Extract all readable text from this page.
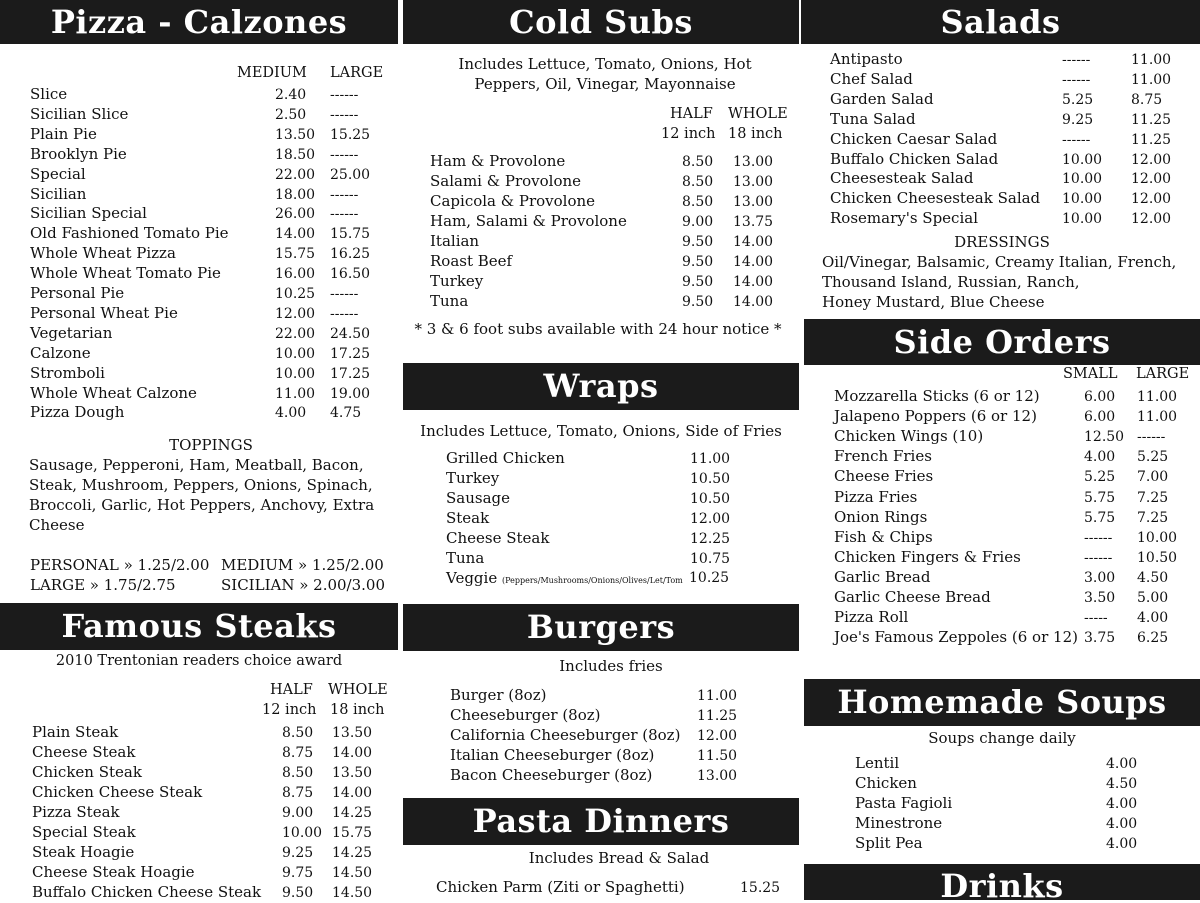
Pizza - Calzones
MEDIUM LARGE
Slice	2.40 ------
Sicilian Slice	2.50 ------
Plain Pie	13.50 15.25
Brooklyn Pie	18.50 ------
Special	22.00 25.00
Sicilian	18.00 ------
Sicilian Special	26.00 ------
Old Fashioned Tomato Pie	14.00 15.75
Whole Wheat Pizza	15.75 16.25
Whole Wheat Tomato Pie	16.00 16.50
Personal Pie	10.25 ------
Personal Wheat Pie	12.00 ------
Vegetarian	22.00 24.50
Calzone	10.00 17.25
Stromboli	10.00 17.25
Whole Wheat Calzone	11.00 19.00
Pizza Dough	4.00 4.75
TOPPINGS
Sausage, Pepperoni, Ham, Meatball, Bacon,
Steak, Mushroom, Peppers, Onions, Spinach,
Broccoli, Garlic, Hot Peppers, Anchovy, Extra
Cheese
PERSONAL » 1.25/2.00 MEDIUM » 1.25/2.00
LARGE » 1.75/2.75	SICILIAN » 2.00/3.00
Famous Steaks
2010 Trentonian readers choice award
HALF WHOLE
12 inch 18 inch
Plain Steak	8.50 13.50
Cheese Steak	8.75 14.00
Chicken Steak	8.50 13.50
Chicken Cheese Steak	8.75 14.00
Pizza Steak	9.00 14.25
Special Steak	10.00 15.75
Steak Hoagie	9.25 14.25
Cheese Steak Hoagie	9.75 14.50
Buffalo Chicken Cheese Steak 9.50 14.50
Cold Subs
Includes Lettuce, Tomato, Onions, Hot
Peppers, Oil, Vinegar, Mayonnaise
HALF WHOLE
12 inch 18 inch
Ham & Provolone	8.50 13.00
Salami & Provolone	8.50 13.00
Capicola & Provolone	8.50 13.00
Ham, Salami & Provolone	9.00 13.75
Italian	9.50 14.00
Roast Beef	9.50 14.00
Turkey	9.50 14.00
Tuna	9.50 14.00
* 3 & 6 foot subs available with 24 hour notice *
Wraps
Includes Lettuce, Tomato, Onions, Side of Fries
Grilled Chicken	11.00
Turkey	10.50
Sausage	10.50
Steak	12.00
Cheese Steak	12.25
Tuna	10.75
Veggie (Peppers/Mushrooms/Onions/Olives/Let/Tom 10.25
Burgers
Includes fries
Burger (8oz)	11.00
Cheeseburger (8oz)	11.25
California Cheeseburger (8oz) 12.00
Italian Cheeseburger (8oz)	11.50
Bacon Cheeseburger (8oz)	13.00
Pasta Dinners
Includes Bread & Salad
Chicken Parm (Ziti or Spaghetti)	15.25
Salads
Antipasto	------	11.00
Chef Salad	------	11.00
Garden Salad	5.25	8.75
Tuna Salad	9.25	11.25
Chicken Caesar Salad	------	11.25
Buffalo Chicken Salad	10.00 12.00
Cheesesteak Salad	10.00 12.00
Chicken Cheesesteak Salad 10.00 12.00
Rosemary's Special	10.00 12.00
DRESSINGS
Oil/Vinegar, Balsamic, Creamy Italian, French,
Thousand Island, Russian, Ranch,
Honey Mustard, Blue Cheese
Side Orders
SMALL LARGE
Mozzarella Sticks (6 or 12)	6.00 11.00
Jalapeno Poppers (6 or 12)	6.00 11.00
Chicken Wings (10)	12.50 ------
French Fries	4.00 5.25
Cheese Fries	5.25 7.00
Pizza Fries	5.75 7.25
Onion Rings	5.75 7.25
Fish & Chips	------ 10.00
Chicken Fingers & Fries	------ 10.50
Garlic Bread	3.00 4.50
Garlic Cheese Bread	3.50 5.00
Pizza Roll	----- 4.00
Joe's Famous Zeppoles (6 or 12) 3.75 6.25
Homemade Soups
Soups change daily
Lentil	4.00
Chicken	4.50
Pasta Fagioli	4.00
Minestrone	4.00
Split Pea	4.00
Drinks
